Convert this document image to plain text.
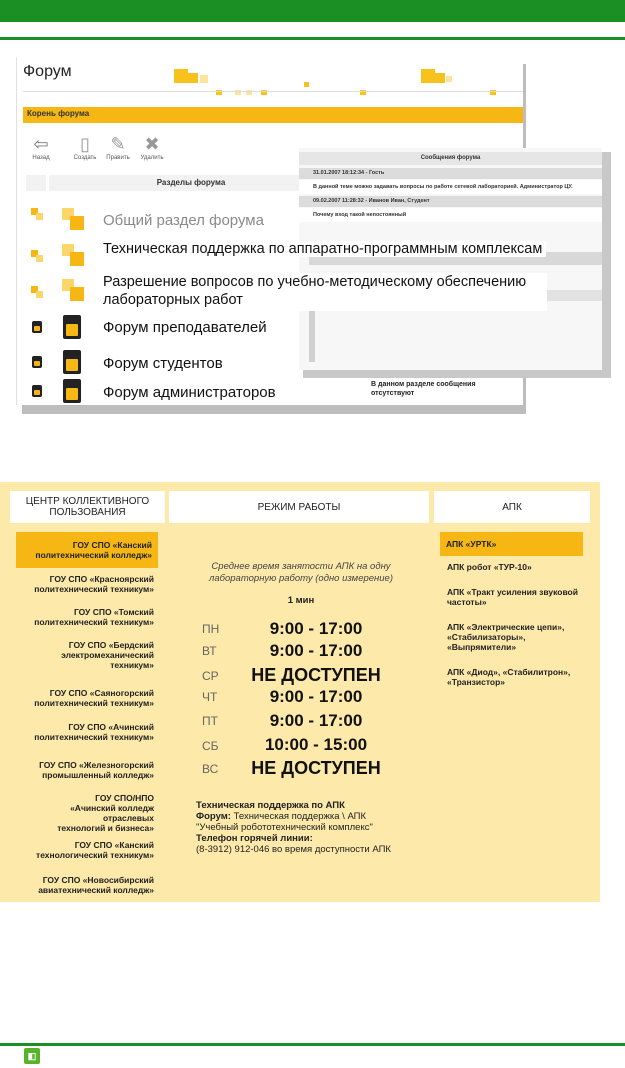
Форум
Корень форума
⇦
Назад
▯
Создать
✎
Править
✖
Удалить
Разделы форума
Сообщения форума
31.01.2007 18:12:34 - Гость
В данной теме можно задавать вопросы по работе сетевой лабораторией. Администратор ЦУ.
09.02.2007 11:28:32 - Иванов Иван, Студент
Почему вход такой непостоянный
Общий раздел форума
Техническая поддержка по аппаратно-программным комплексам
Разрешение вопросов по учебно-методическому обеспечению лабораторных работ
Форум преподавателей
Форум студентов
Форум администраторов	В данном разделе сообщения отсутствуют
ЦЕНТР КОЛЛЕКТИВНОГО ПОЛЬЗОВАНИЯ	РЕЖИМ РАБОТЫ	АПК
ГОУ СПО «Канский политехнический колледж»
ГОУ СПО «Красноярский политехнический техникум»
ГОУ СПО «Томский политехнический техникум»
ГОУ СПО «Бердский электромеханический техникум»
ГОУ СПО «Саяногорский политехнический техникум»
ГОУ СПО «Ачинский политехнический техникум»
ГОУ СПО «Железногорский промышленный колледж»
ГОУ СПО/НПО «Ачинский колледж отраслевых технологий и бизнеса»
ГОУ СПО «Канский технологический техникум»
ГОУ СПО «Новосибирский авиатехнический колледж»
Среднее время занятости АПК на одну лабораторную работу (одно измерение)
1 мин
ПН	9:00 - 17:00
ВТ	9:00 - 17:00
СР	НЕ ДОСТУПЕН
ЧТ	9:00 - 17:00
ПТ	9:00 - 17:00
СБ	10:00 - 15:00
ВС	НЕ ДОСТУПЕН
Техническая поддержка по АПК
Форум: Техническая поддержка \ АПК "Учебный робототехнический комплекс"
Телефон горячей линии:
(8-3912) 912-046 во время доступности АПК
АПК «УРТК»
АПК робот «ТУР-10»
АПК «Тракт усиления звуковой частоты»
АПК «Электрические цепи», «Стабилизаторы», «Выпрямители»
АПК «Диод», «Стабилитрон», «Транзистор»
◧
